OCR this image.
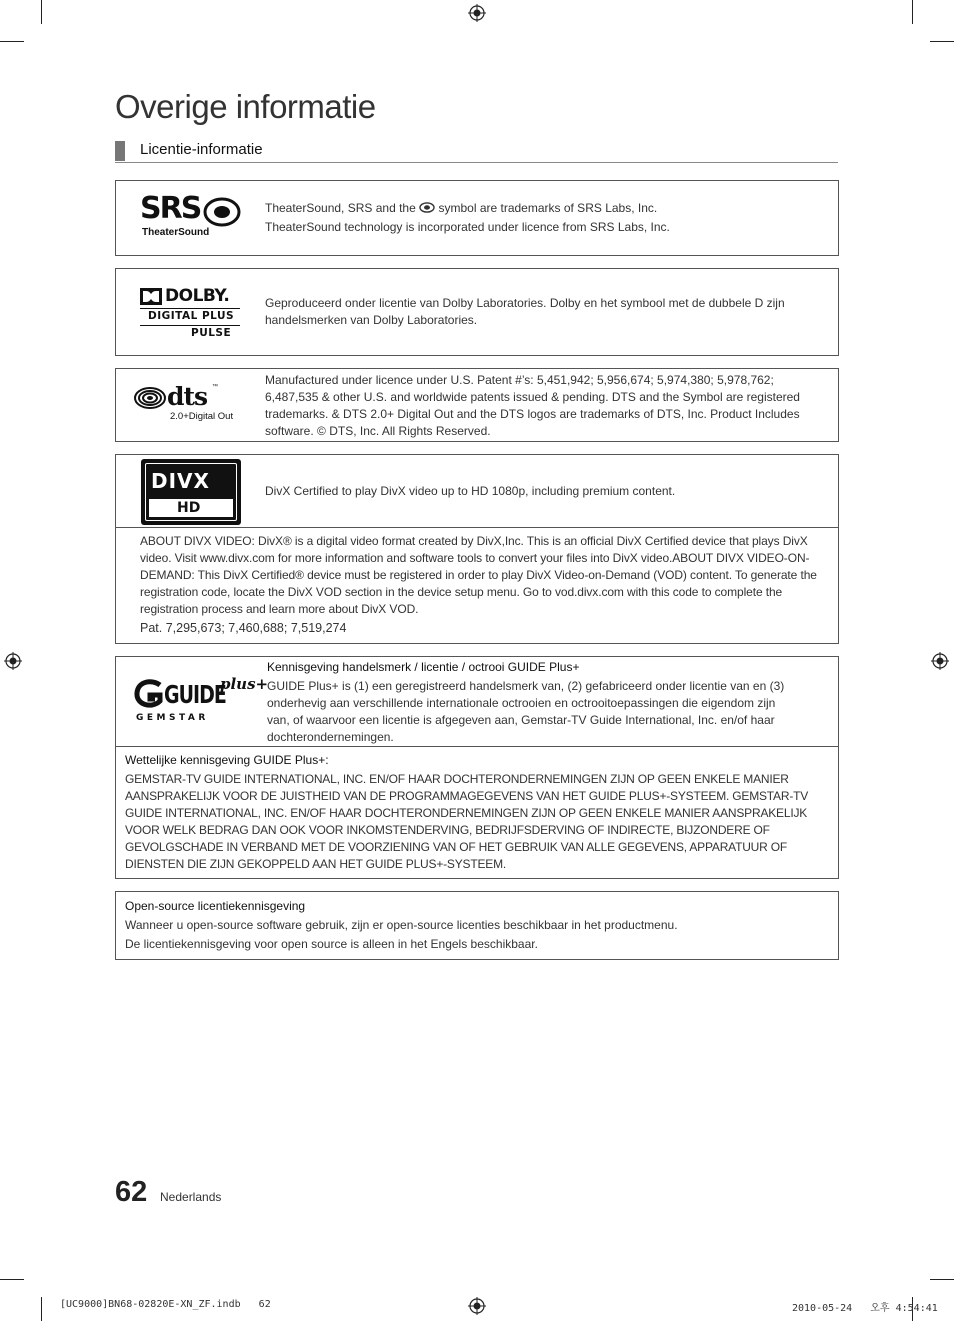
Overige informatie
Licentie-informatie
SRS
TheaterSound

TheaterSound, SRS and the symbol are trademarks of SRS Labs, Inc.

TheaterSound technology is incorporated under licence from SRS Labs, Inc.

DOLBY.
DIGITAL PLUS
PULSE

Geproduceerd onder licentie van Dolby Laboratories. Dolby en het symbool met de dubbele D zijn handelsmerken van Dolby Laboratories.

dts ™
2.0+Digital Out

Manufactured under licence under U.S. Patent #’s: 5,451,942; 5,956,674; 5,974,380; 5,978,762; 6,487,535 & other U.S. and worldwide patents issued & pending. DTS and the Symbol are registered trademarks. & DTS 2.0+ Digital Out and the DTS logos are trademarks of DTS, Inc. Product Includes software. © DTS, Inc. All Rights Reserved.

DIVX
HD

DivX Certified to play DivX video up to HD 1080p, including premium content.

ABOUT DIVX VIDEO: DivX® is a digital video format created by DivX,Inc. This is an official DivX Certified device that plays DivX video. Visit www.divx.com for more information and software tools to convert your files into DivX video.ABOUT DIVX VIDEO-ON-DEMAND: This DivX Certified® device must be registered in order to play DivX Video-on-Demand (VOD) content. To generate the registration code, locate the DivX VOD section in the device setup menu. Go to vod.divx.com with this code to complete the registration process and learn more about DivX VOD.

Pat. 7,295,673; 7,460,688; 7,519,274

GUIDE
plus+
GEMSTAR

Kennisgeving handelsmerk / licentie / octrooi GUIDE Plus+

GUIDE Plus+ is (1) een geregistreerd handelsmerk van, (2) gefabriceerd onder licentie van en (3) onderhevig aan verschillende internationale octrooien en octrooitoepassingen die eigendom zijn van, of waarvoor een licentie is afgegeven aan, Gemstar-TV Guide International, Inc. en/of haar dochterondernemingen.

Wettelijke kennisgeving GUIDE Plus+:

GEMSTAR-TV GUIDE INTERNATIONAL, INC. EN/OF HAAR DOCHTERONDERNEMINGEN ZIJN OP GEEN ENKELE MANIER AANSPRAKELIJK VOOR DE JUISTHEID VAN DE PROGRAMMAGEGEVENS VAN HET GUIDE PLUS+-SYSTEEM. GEMSTAR-TV GUIDE INTERNATIONAL, INC. EN/OF HAAR DOCHTERONDERNEMINGEN ZIJN OP GEEN ENKELE MANIER AANSPRAKELIJK VOOR WELK BEDRAG DAN OOK VOOR INKOMSTENDERVING, BEDRIJFSDERVING OF INDIRECTE, BIJZONDERE OF GEVOLGSCHADE IN VERBAND MET DE VOORZIENING VAN OF HET GEBRUIK VAN ALLE GEGEVENS, APPARATUUR OF DIENSTEN DIE ZIJN GEKOPPELD AAN HET GUIDE PLUS+-SYSTEEM.

Open-source licentiekennisgeving

Wanneer u open-source software gebruik, zijn er open-source licenties beschikbaar in het productmenu.

De licentiekennisgeving voor open source is alleen in het Engels beschikbaar.

62 Nederlands
[UC9000]BN68-02820E-XN_ZF.indb   62	2010-05-24   오후 4:54:41
